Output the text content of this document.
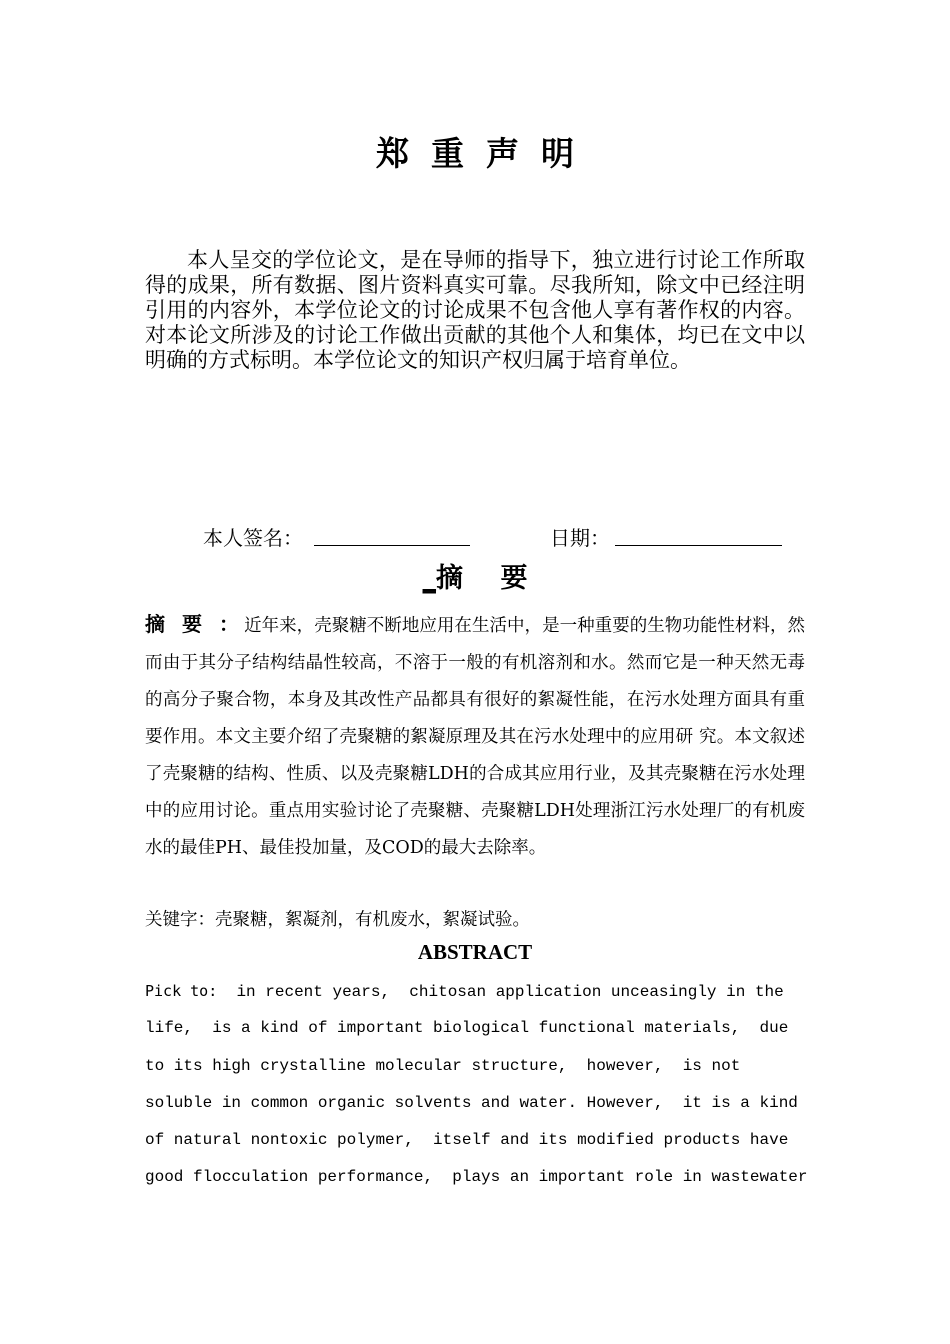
郑重声明
本人呈交的学位论文，是在导师的指导下，独立进行讨论工作所取得的成果，所有数据、图片资料真实可靠。尽我所知，除文中已经注明引用的内容外，本学位论文的讨论成果不包含他人享有著作权的内容。对本论文所涉及的讨论工作做出贡献的其他个人和集体，均已在文中以明确的方式标明。本学位论文的知识产权归属于培育单位。
本人签名：	日期：
_摘 要
摘 要 ：近年来，壳聚糖不断地应用在生活中，是一种重要的生物功能性材料，然而由于其分子结构结晶性较高，不溶于一般的有机溶剂和水。然而它是一种天然无毒的高分子聚合物，本身及其改性产品都具有很好的絮凝性能，在污水处理方面具有重要作用。本文主要介绍了壳聚糖的絮凝原理及其在污水处理中的应用研 究。本文叙述了壳聚糖的结构、性质、以及壳聚糖LDH的合成其应用行业，及其壳聚糖在污水处理中的应用讨论。重点用实验讨论了壳聚糖、壳聚糖LDH处理浙江污水处理厂的有机废水的最佳PH、最佳投加量，及COD的最大去除率。
关键字：壳聚糖，絮凝剂，有机废水，絮凝试验。
ABSTRACT
Pick to:  in recent years,  chitosan application unceasingly in the
life,  is a kind of important biological functional materials,  due
to its high crystalline molecular structure,  however,  is not
soluble in common organic solvents and water. However,  it is a kind
of natural nontoxic polymer,  itself and its modified products have
good flocculation performance,  plays an important role in wastewater
